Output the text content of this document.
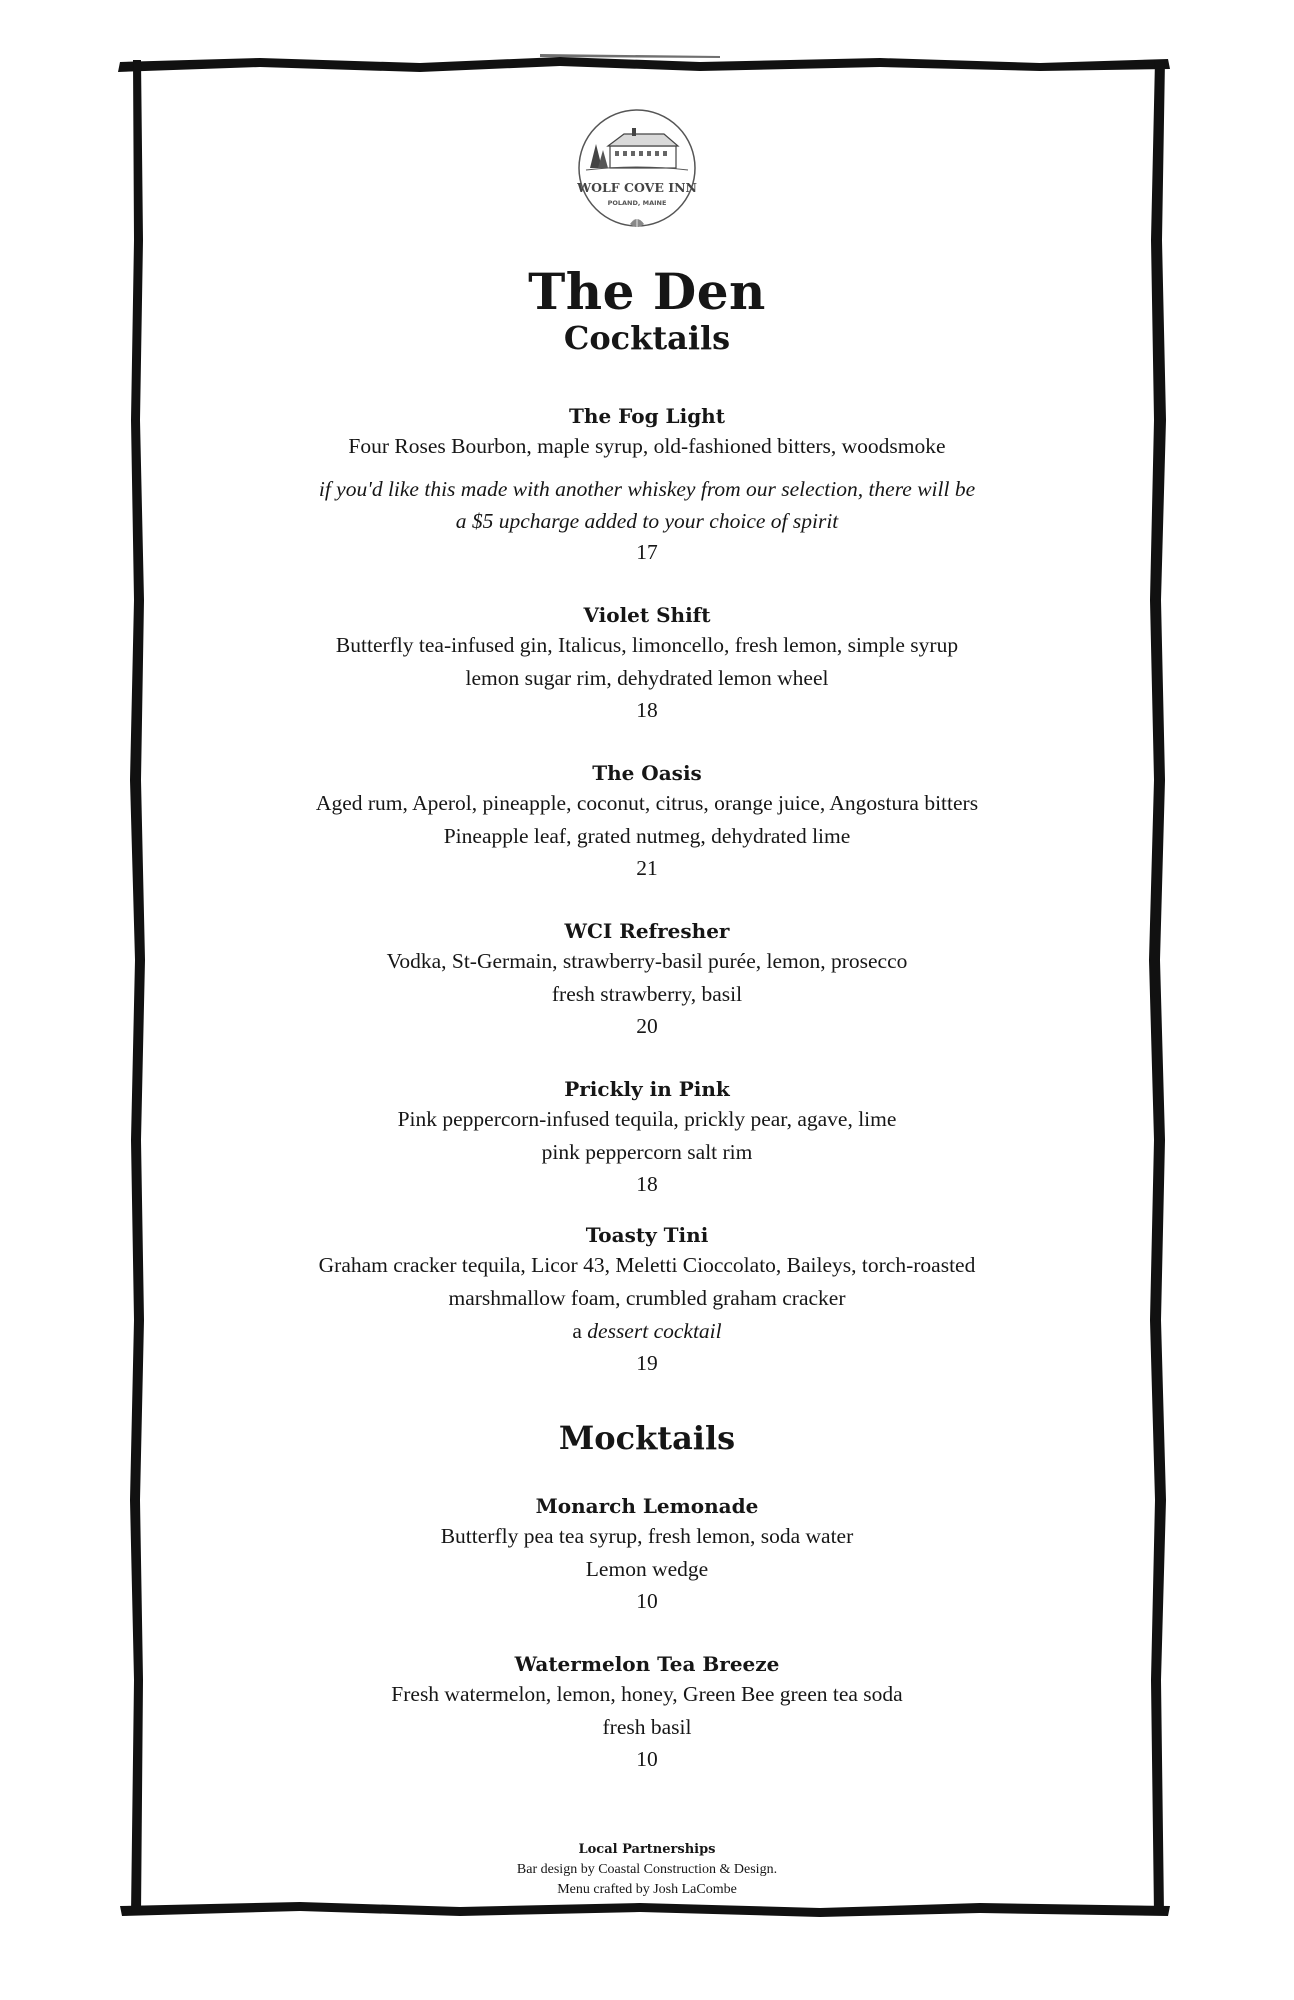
WOLF COVE INN
POLAND, MAINE
The Den
Cocktails
The Fog Light
Four Roses Bourbon, maple syrup, old-fashioned bitters, woodsmoke
if you'd like this made with another whiskey from our selection, there will be
a $5 upcharge added to your choice of spirit
17
Violet Shift
Butterfly tea-infused gin, Italicus, limoncello, fresh lemon, simple syrup
lemon sugar rim, dehydrated lemon wheel
18
The Oasis
Aged rum, Aperol, pineapple, coconut, citrus, orange juice, Angostura bitters
Pineapple leaf, grated nutmeg, dehydrated lime
21
WCI Refresher
Vodka, St-Germain, strawberry-basil purée, lemon, prosecco
fresh strawberry, basil
20
Prickly in Pink
Pink peppercorn-infused tequila, prickly pear, agave, lime
pink peppercorn salt rim
18
Toasty Tini
Graham cracker tequila, Licor 43, Meletti Cioccolato, Baileys, torch-roasted
marshmallow foam, crumbled graham cracker
a dessert cocktail
19
Mocktails
Monarch Lemonade
Butterfly pea tea syrup, fresh lemon, soda water
Lemon wedge
10
Watermelon Tea Breeze
Fresh watermelon, lemon, honey, Green Bee green tea soda
fresh basil
10
Local Partnerships
Bar design by Coastal Construction & Design.
Menu crafted by Josh LaCombe
